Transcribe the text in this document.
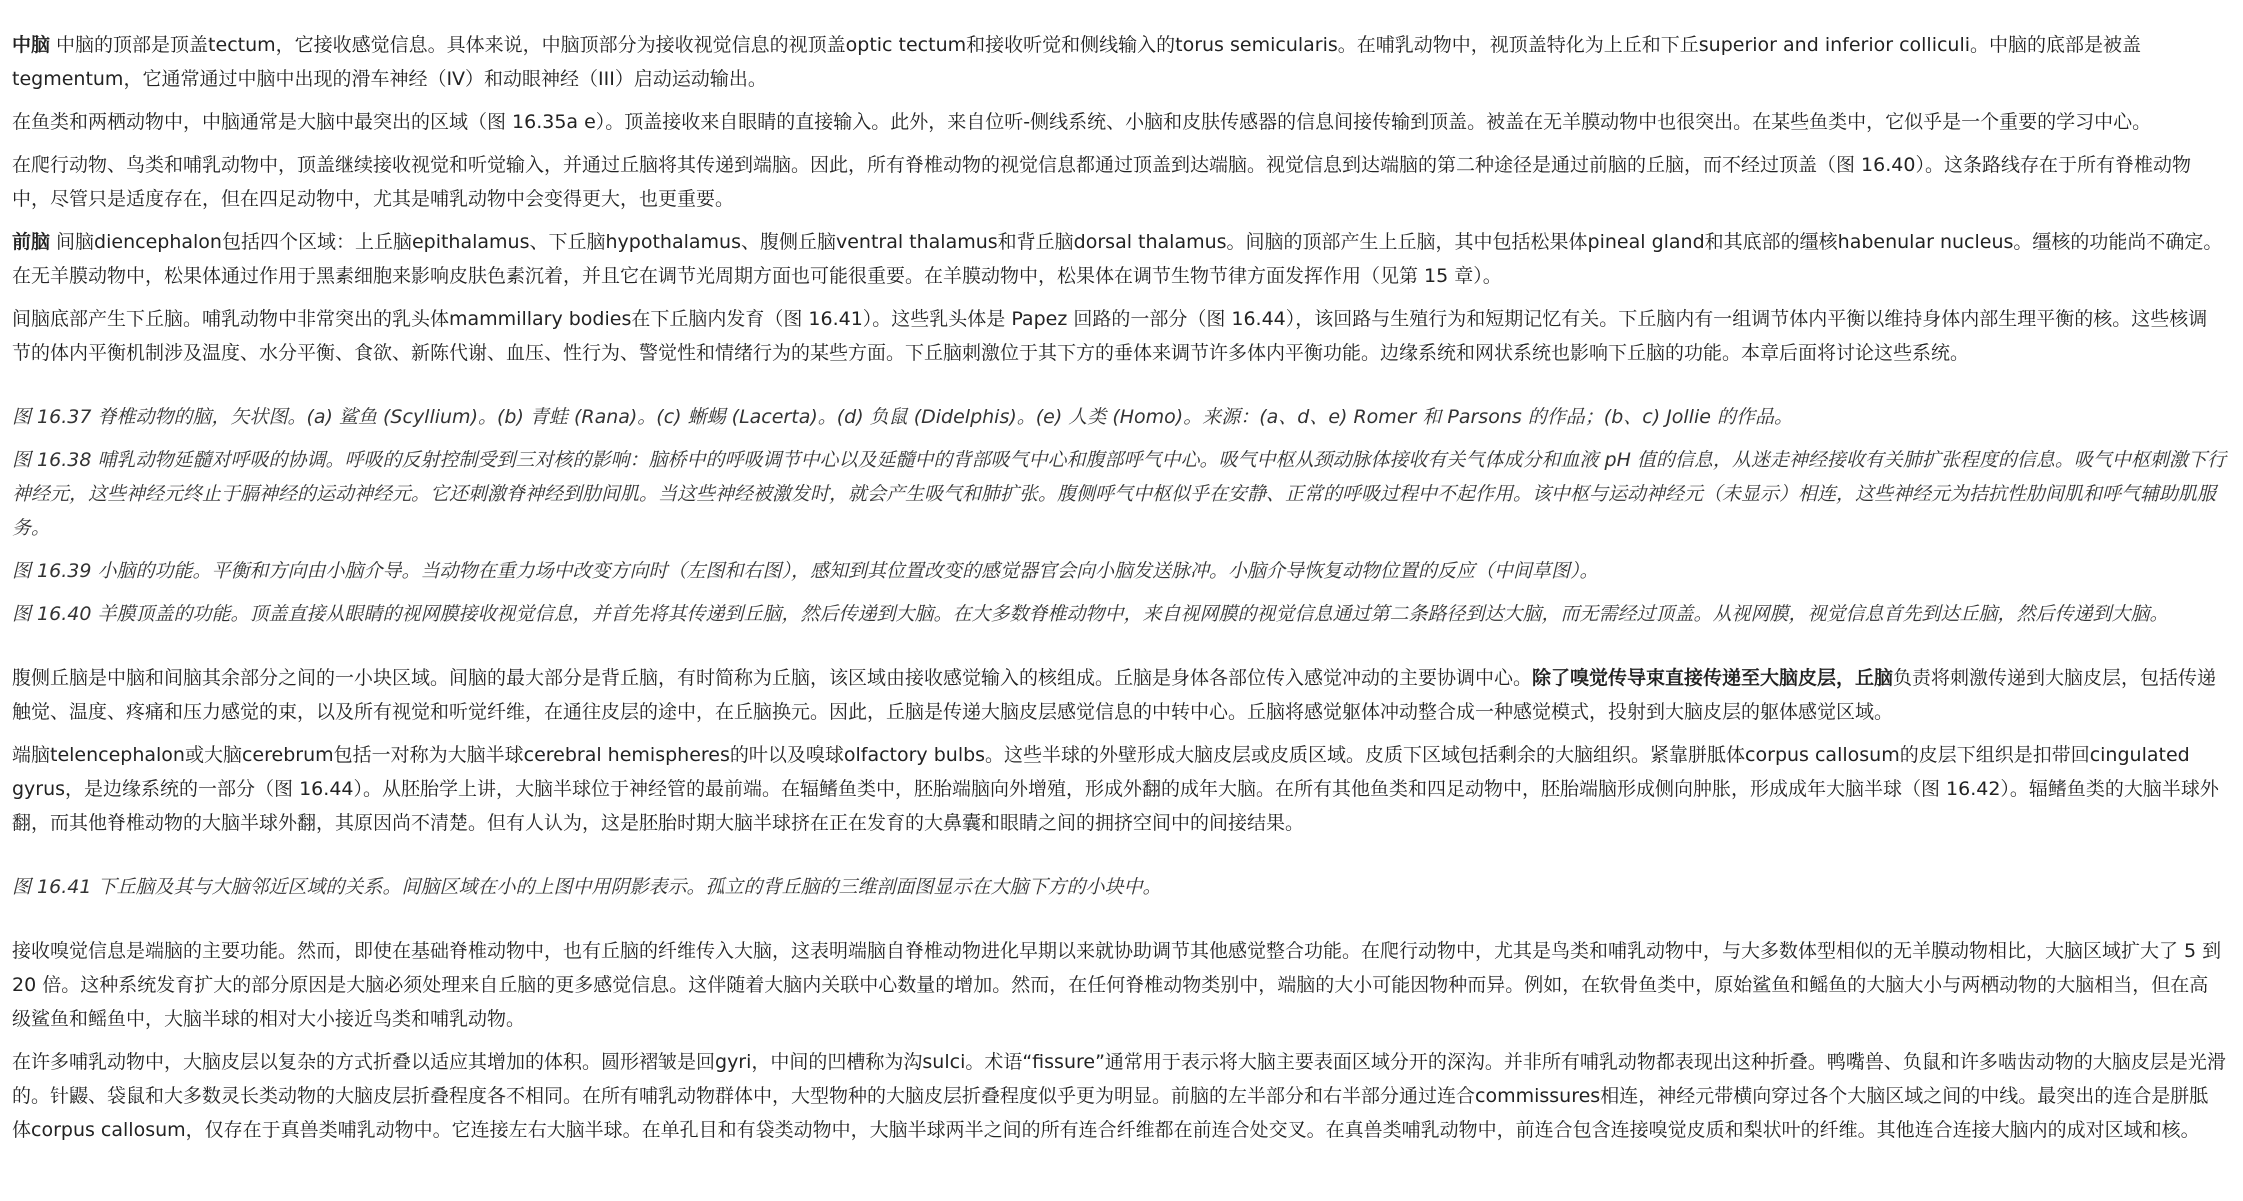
中脑 中脑的顶部是顶盖tectum，它接收感觉信息。具体来说，中脑顶部分为接收视觉信息的视顶盖optic tectum和接收听觉和侧线输入的torus semicularis。在哺乳动物中，视顶盖特化为上丘和下丘superior and inferior colliculi。中脑的底部是被盖tegmentum，它通常通过中脑中出现的滑车神经（IV）和动眼神经（III）启动运动输出。

在鱼类和两栖动物中，中脑通常是大脑中最突出的区域（图 16.35a e）。顶盖接收来自眼睛的直接输入。此外，来自位听-侧线系统、小脑和皮肤传感器的信息间接传输到顶盖。被盖在无羊膜动物中也很突出。在某些鱼类中，它似乎是一个重要的学习中心。

在爬行动物、鸟类和哺乳动物中，顶盖继续接收视觉和听觉输入，并通过丘脑将其传递到端脑。因此，所有脊椎动物的视觉信息都通过顶盖到达端脑。视觉信息到达端脑的第二种途径是通过前脑的丘脑，而不经过顶盖（图 16.40）。这条路线存在于所有脊椎动物中，尽管只是适度存在，但在四足动物中，尤其是哺乳动物中会变得更大，也更重要。

前脑 间脑diencephalon包括四个区域：上丘脑epithalamus、下丘脑hypothalamus、腹侧丘脑ventral thalamus和背丘脑dorsal thalamus。间脑的顶部产生上丘脑，其中包括松果体pineal gland和其底部的缰核habenular nucleus。缰核的功能尚不确定。在无羊膜动物中，松果体通过作用于黑素细胞来影响皮肤色素沉着，并且它在调节光周期方面也可能很重要。在羊膜动物中，松果体在调节生物节律方面发挥作用（见第 15 章）。

间脑底部产生下丘脑。哺乳动物中非常突出的乳头体mammillary bodies在下丘脑内发育（图 16.41）。这些乳头体是 Papez 回路的一部分（图 16.44），该回路与生殖行为和短期记忆有关。下丘脑内有一组调节体内平衡以维持身体内部生理平衡的核。这些核调节的体内平衡机制涉及温度、水分平衡、食欲、新陈代谢、血压、性行为、警觉性和情绪行为的某些方面。下丘脑刺激位于其下方的垂体来调节许多体内平衡功能。边缘系统和网状系统也影响下丘脑的功能。本章后面将讨论这些系统。

图 16.37 脊椎动物的脑，矢状图。(a) 鲨鱼 (Scyllium)。(b) 青蛙 (Rana)。(c) 蜥蜴 (Lacerta)。(d) 负鼠 (Didelphis)。(e) 人类 (Homo)。来源：(a、d、e) Romer 和 Parsons 的作品；(b、c) Jollie 的作品。

图 16.38 哺乳动物延髓对呼吸的协调。呼吸的反射控制受到三对核的影响：脑桥中的呼吸调节中心以及延髓中的背部吸气中心和腹部呼气中心。吸气中枢从颈动脉体接收有关气体成分和血液 pH 值的信息，从迷走神经接收有关肺扩张程度的信息。吸气中枢刺激下行神经元，这些神经元终止于膈神经的运动神经元。它还刺激脊神经到肋间肌。当这些神经被激发时，就会产生吸气和肺扩张。腹侧呼气中枢似乎在安静、正常的呼吸过程中不起作用。该中枢与运动神经元（未显示）相连，这些神经元为拮抗性肋间肌和呼气辅助肌服务。

图 16.39 小脑的功能。平衡和方向由小脑介导。当动物在重力场中改变方向时（左图和右图），感知到其位置改变的感觉器官会向小脑发送脉冲。小脑介导恢复动物位置的反应（中间草图）。

图 16.40 羊膜顶盖的功能。顶盖直接从眼睛的视网膜接收视觉信息，并首先将其传递到丘脑，然后传递到大脑。在大多数脊椎动物中，来自视网膜的视觉信息通过第二条路径到达大脑，而无需经过顶盖。从视网膜，视觉信息首先到达丘脑，然后传递到大脑。

腹侧丘脑是中脑和间脑其余部分之间的一小块区域。间脑的最大部分是背丘脑，有时简称为丘脑，该区域由接收感觉输入的核组成。丘脑是身体各部位传入感觉冲动的主要协调中心。除了嗅觉传导束直接传递至大脑皮层，丘脑负责将刺激传递到大脑皮层，包括传递触觉、温度、疼痛和压力感觉的束，以及所有视觉和听觉纤维，在通往皮层的途中，在丘脑换元。因此，丘脑是传递大脑皮层感觉信息的中转中心。丘脑将感觉躯体冲动整合成一种感觉模式，投射到大脑皮层的躯体感觉区域。

端脑telencephalon或大脑cerebrum包括一对称为大脑半球cerebral hemispheres的叶以及嗅球olfactory bulbs。这些半球的外壁形成大脑皮层或皮质区域。皮质下区域包括剩余的大脑组织。紧靠胼胝体corpus callosum的皮层下组织是扣带回cingulated gyrus，是边缘系统的一部分（图 16.44）。从胚胎学上讲，大脑半球位于神经管的最前端。在辐鳍鱼类中，胚胎端脑向外增殖，形成外翻的成年大脑。在所有其他鱼类和四足动物中，胚胎端脑形成侧向肿胀，形成成年大脑半球（图 16.42）。辐鳍鱼类的大脑半球外翻，而其他脊椎动物的大脑半球外翻，其原因尚不清楚。但有人认为，这是胚胎时期大脑半球挤在正在发育的大鼻囊和眼睛之间的拥挤空间中的间接结果。

图 16.41 下丘脑及其与大脑邻近区域的关系。间脑区域在小的上图中用阴影表示。孤立的背丘脑的三维剖面图显示在大脑下方的小块中。

接收嗅觉信息是端脑的主要功能。然而，即使在基础脊椎动物中，也有丘脑的纤维传入大脑，这表明端脑自脊椎动物进化早期以来就协助调节其他感觉整合功能。在爬行动物中，尤其是鸟类和哺乳动物中，与大多数体型相似的无羊膜动物相比，大脑区域扩大了 5 到 20 倍。这种系统发育扩大的部分原因是大脑必须处理来自丘脑的更多感觉信息。这伴随着大脑内关联中心数量的增加。然而，在任何脊椎动物类别中，端脑的大小可能因物种而异。例如，在软骨鱼类中，原始鲨鱼和鳐鱼的大脑大小与两栖动物的大脑相当，但在高级鲨鱼和鳐鱼中，大脑半球的相对大小接近鸟类和哺乳动物。

在许多哺乳动物中，大脑皮层以复杂的方式折叠以适应其增加的体积。圆形褶皱是回gyri，中间的凹槽称为沟sulci。术语“fissure”通常用于表示将大脑主要表面区域分开的深沟。并非所有哺乳动物都表现出这种折叠。鸭嘴兽、负鼠和许多啮齿动物的大脑皮层是光滑的。针鼹、袋鼠和大多数灵长类动物的大脑皮层折叠程度各不相同。在所有哺乳动物群体中，大型物种的大脑皮层折叠程度似乎更为明显。前脑的左半部分和右半部分通过连合commissures相连，神经元带横向穿过各个大脑区域之间的中线。最突出的连合是胼胝体corpus callosum，仅存在于真兽类哺乳动物中。它连接左右大脑半球。在单孔目和有袋类动物中，大脑半球两半之间的所有连合纤维都在前连合处交叉。在真兽类哺乳动物中，前连合包含连接嗅觉皮质和梨状叶的纤维。其他连合连接大脑内的成对区域和核。
